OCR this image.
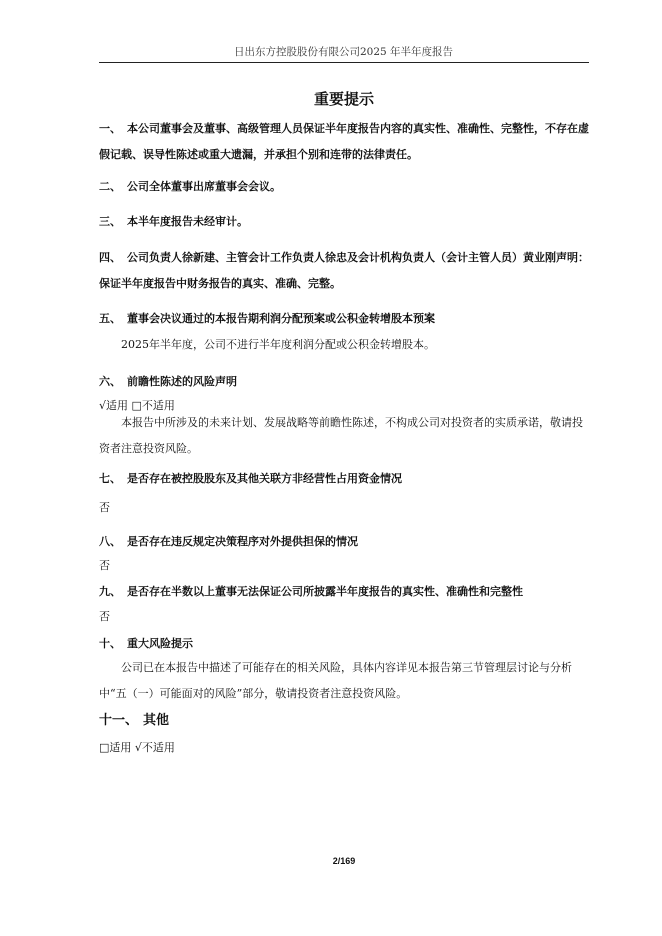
日出东方控股股份有限公司2025 年半年度报告
重要提示
一、 本公司董事会及董事、高级管理人员保证半年度报告内容的真实性、准确性、完整性，不存在虚假记载、误导性陈述或重大遗漏，并承担个别和连带的法律责任。
二、 公司全体董事出席董事会会议。
三、 本半年度报告未经审计。
四、 公司负责人徐新建、主管会计工作负责人徐忠及会计机构负责人（会计主管人员）黄业刚声明：保证半年度报告中财务报告的真实、准确、完整。
五、 董事会决议通过的本报告期利润分配预案或公积金转增股本预案
2025年半年度，公司不进行半年度利润分配或公积金转增股本。
六、 前瞻性陈述的风险声明
√适用 □不适用
本报告中所涉及的未来计划、发展战略等前瞻性陈述，不构成公司对投资者的实质承诺，敬请投资者注意投资风险。
七、 是否存在被控股股东及其他关联方非经营性占用资金情况
否
八、 是否存在违反规定决策程序对外提供担保的情况
否
九、 是否存在半数以上董事无法保证公司所披露半年度报告的真实性、准确性和完整性
否
十、 重大风险提示
公司已在本报告中描述了可能存在的相关风险，具体内容详见本报告第三节管理层讨论与分析中“五（一）可能面对的风险”部分，敬请投资者注意投资风险。
十一、 其他
□适用 √不适用
2/169
